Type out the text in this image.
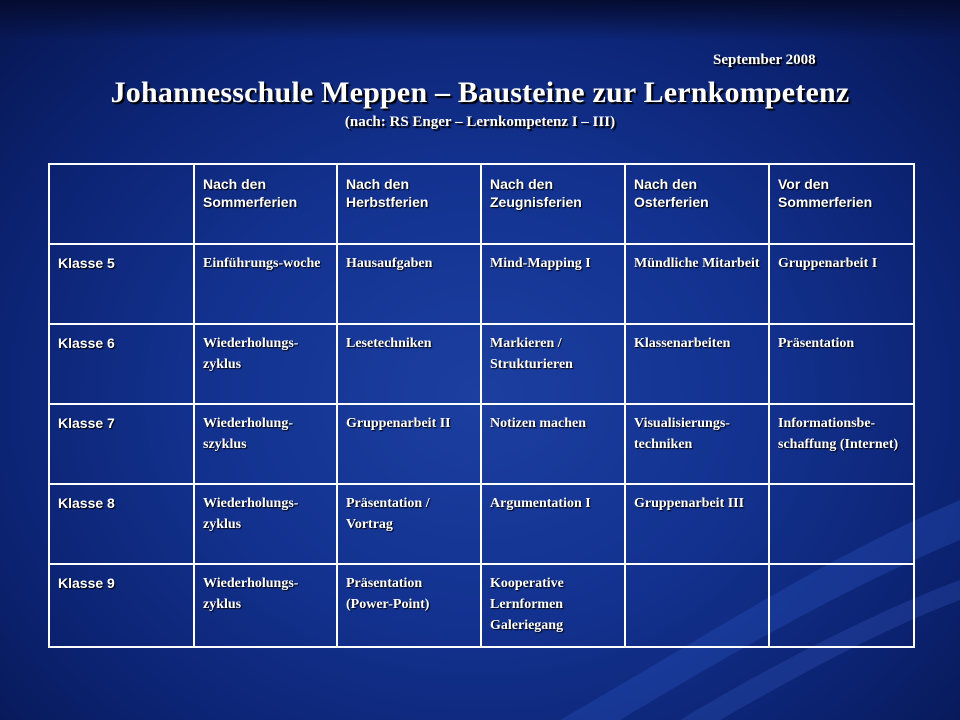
September 2008
Johannesschule Meppen – Bausteine zur Lernkompetenz
(nach: RS Enger – Lernkompetenz I – III)
	Nach den Sommerferien	Nach den Herbstferien	Nach den Zeugnisferien	Nach den Osterferien	Vor den Sommerferien
Klasse 5	Einführungs-woche	Hausaufgaben	Mind-Mapping I	Mündliche Mitarbeit	Gruppenarbeit I
Klasse 6	Wiederholungs-zyklus	Lesetechniken	Markieren / Strukturieren	Klassenarbeiten	Präsentation
Klasse 7	Wiederholung-szyklus	Gruppenarbeit II	Notizen machen	Visualisierungs-techniken	Informationsbe-schaffung (Internet)
Klasse 8	Wiederholungs-zyklus	Präsentation / Vortrag	Argumentation I	Gruppenarbeit III	
Klasse 9	Wiederholungs-zyklus	Präsentation (Power-Point)	Kooperative Lernformen Galeriegang		
